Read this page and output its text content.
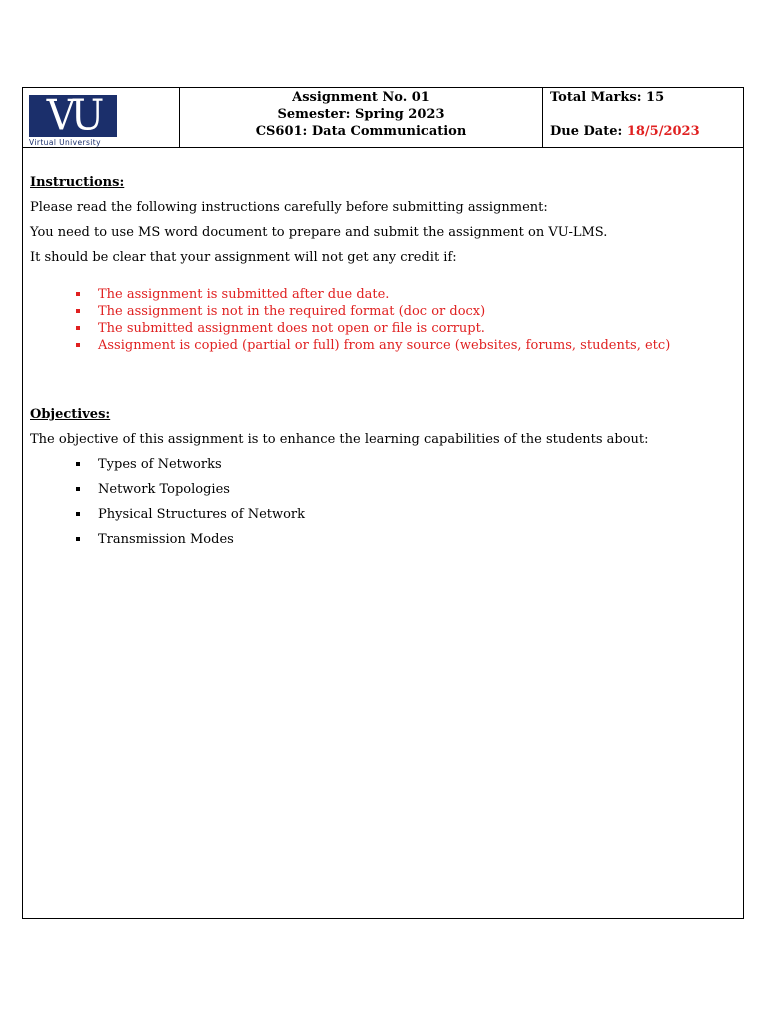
VU
Virtual University
Assignment No. 01
Semester: Spring 2023
CS601: Data Communication
Total Marks: 15
Due Date: 18/5/2023

Instructions:

Please read the following instructions carefully before submitting assignment:

You need to use MS word document to prepare and submit the assignment on VU-LMS.

It should be clear that your assignment will not get any credit if:

The assignment is submitted after due date.
The assignment is not in the required format (doc or docx)
The submitted assignment does not open or file is corrupt.
Assignment is copied (partial or full) from any source (websites, forums, students, etc)

Objectives:

The objective of this assignment is to enhance the learning capabilities of the students about:

Types of Networks
Network Topologies
Physical Structures of Network
Transmission Modes
